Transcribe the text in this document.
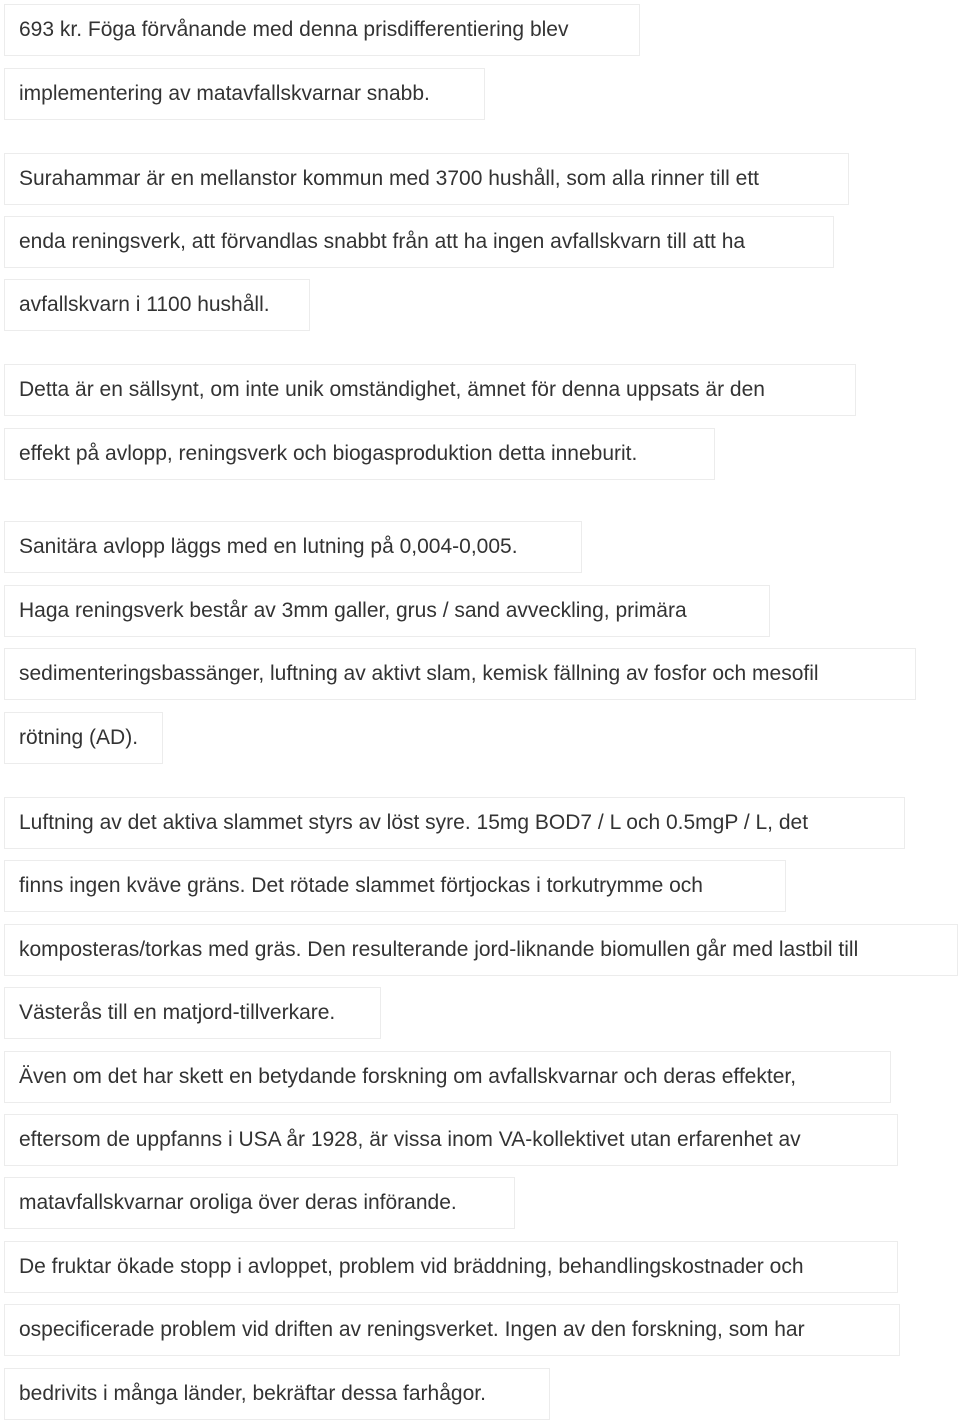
693 kr. Föga förvånande med denna prisdifferentiering blev
implementering av matavfallskvarnar snabb.
Surahammar är en mellanstor kommun med 3700 hushåll, som alla rinner till ett
enda reningsverk, att förvandlas snabbt från att ha ingen avfallskvarn till att ha
avfallskvarn i 1100 hushåll.
Detta är en sällsynt, om inte unik omständighet, ämnet för denna uppsats är den
effekt på avlopp, reningsverk och biogasproduktion detta inneburit.
Sanitära avlopp läggs med en lutning på 0,004-0,005.
Haga reningsverk består av 3mm galler, grus / sand avveckling, primära
sedimenteringsbassänger, luftning av aktivt slam, kemisk fällning av fosfor och mesofil
rötning (AD).
Luftning av det aktiva slammet styrs av löst syre. 15mg BOD7 / L och 0.5mgP / L, det
finns ingen kväve gräns. Det rötade slammet förtjockas i torkutrymme och
komposteras/torkas med gräs. Den resulterande jord-liknande biomullen går med lastbil till
Västerås till en matjord-tillverkare.
Även om det har skett en betydande forskning om avfallskvarnar och deras effekter,
eftersom de uppfanns i USA år 1928, är vissa inom VA-kollektivet utan erfarenhet av
matavfallskvarnar oroliga över deras införande.
De fruktar ökade stopp i avloppet, problem vid bräddning, behandlingskostnader och
ospecificerade problem vid driften av reningsverket. Ingen av den forskning, som har
bedrivits i många länder, bekräftar dessa farhågor.
